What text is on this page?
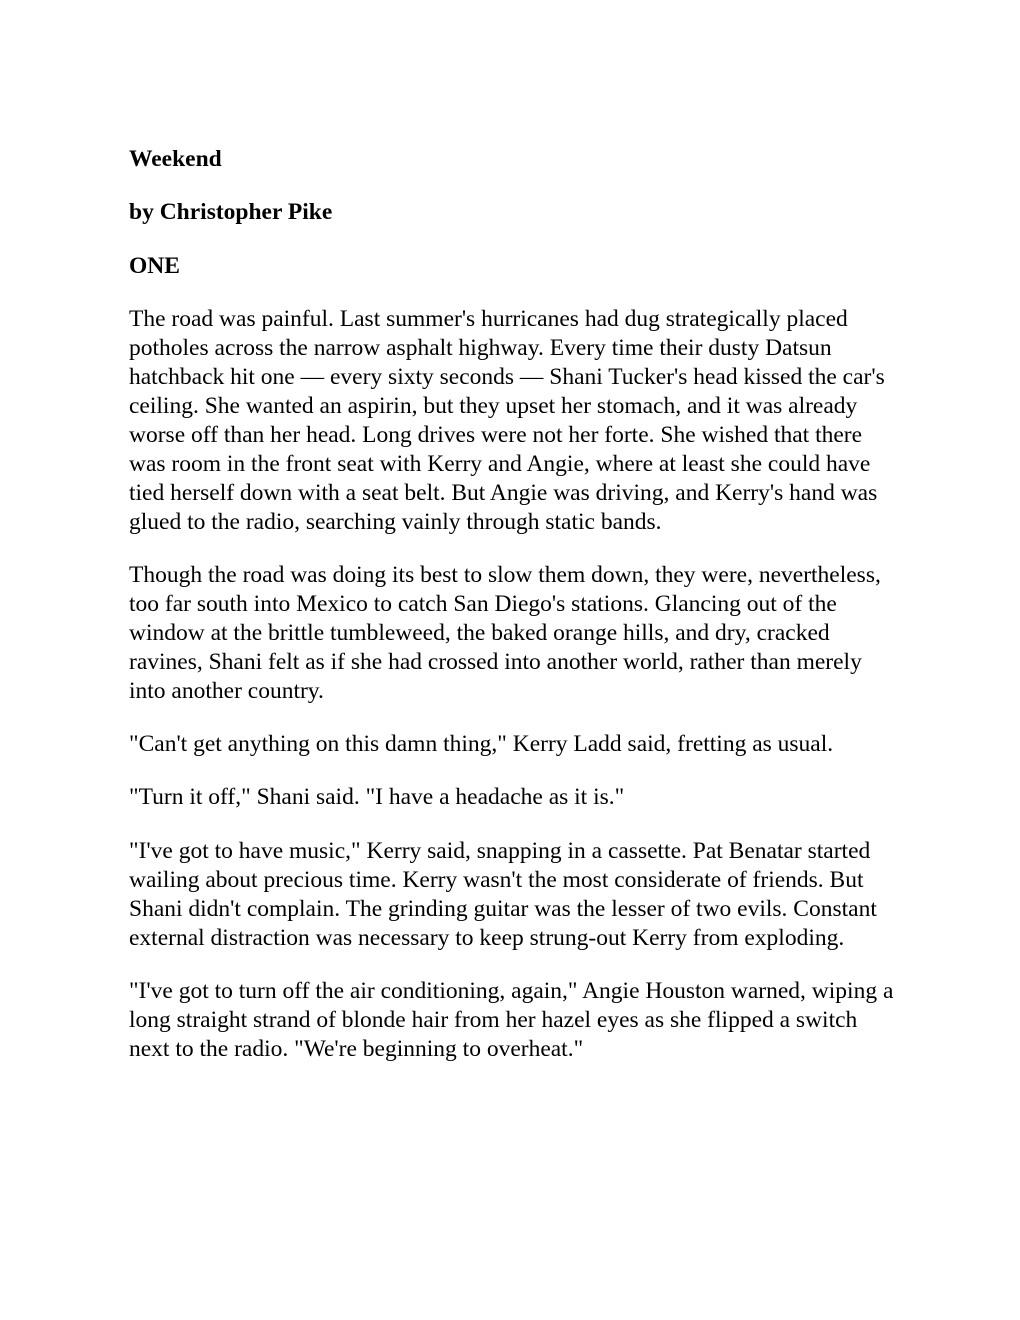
Weekend
by Christopher Pike
ONE

The road was painful. Last summer's hurricanes had dug strategically placed potholes across the narrow asphalt highway. Every time their dusty Datsun hatchback hit one — every sixty seconds — Shani Tucker's head kissed the car's ceiling. She wanted an aspirin, but they upset her stomach, and it was already worse off than her head. Long drives were not her forte. She wished that there was room in the front seat with Kerry and Angie, where at least she could have tied herself down with a seat belt. But Angie was driving, and Kerry's hand was glued to the radio, searching vainly through static bands.

Though the road was doing its best to slow them down, they were, nevertheless, too far south into Mexico to catch San Diego's stations. Glancing out of the window at the brittle tumbleweed, the baked orange hills, and dry, cracked ravines, Shani felt as if she had crossed into another world, rather than merely into another country.

"Can't get anything on this damn thing," Kerry Ladd said, fretting as usual.

"Turn it off," Shani said. "I have a headache as it is."

"I've got to have music," Kerry said, snapping in a cassette. Pat Benatar started wailing about precious time. Kerry wasn't the most considerate of friends. But Shani didn't complain. The grinding guitar was the lesser of two evils. Constant external distraction was necessary to keep strung-out Kerry from exploding.

"I've got to turn off the air conditioning, again," Angie Houston warned, wiping a long straight strand of blonde hair from her hazel eyes as she flipped a switch next to the radio. "We're beginning to overheat."
